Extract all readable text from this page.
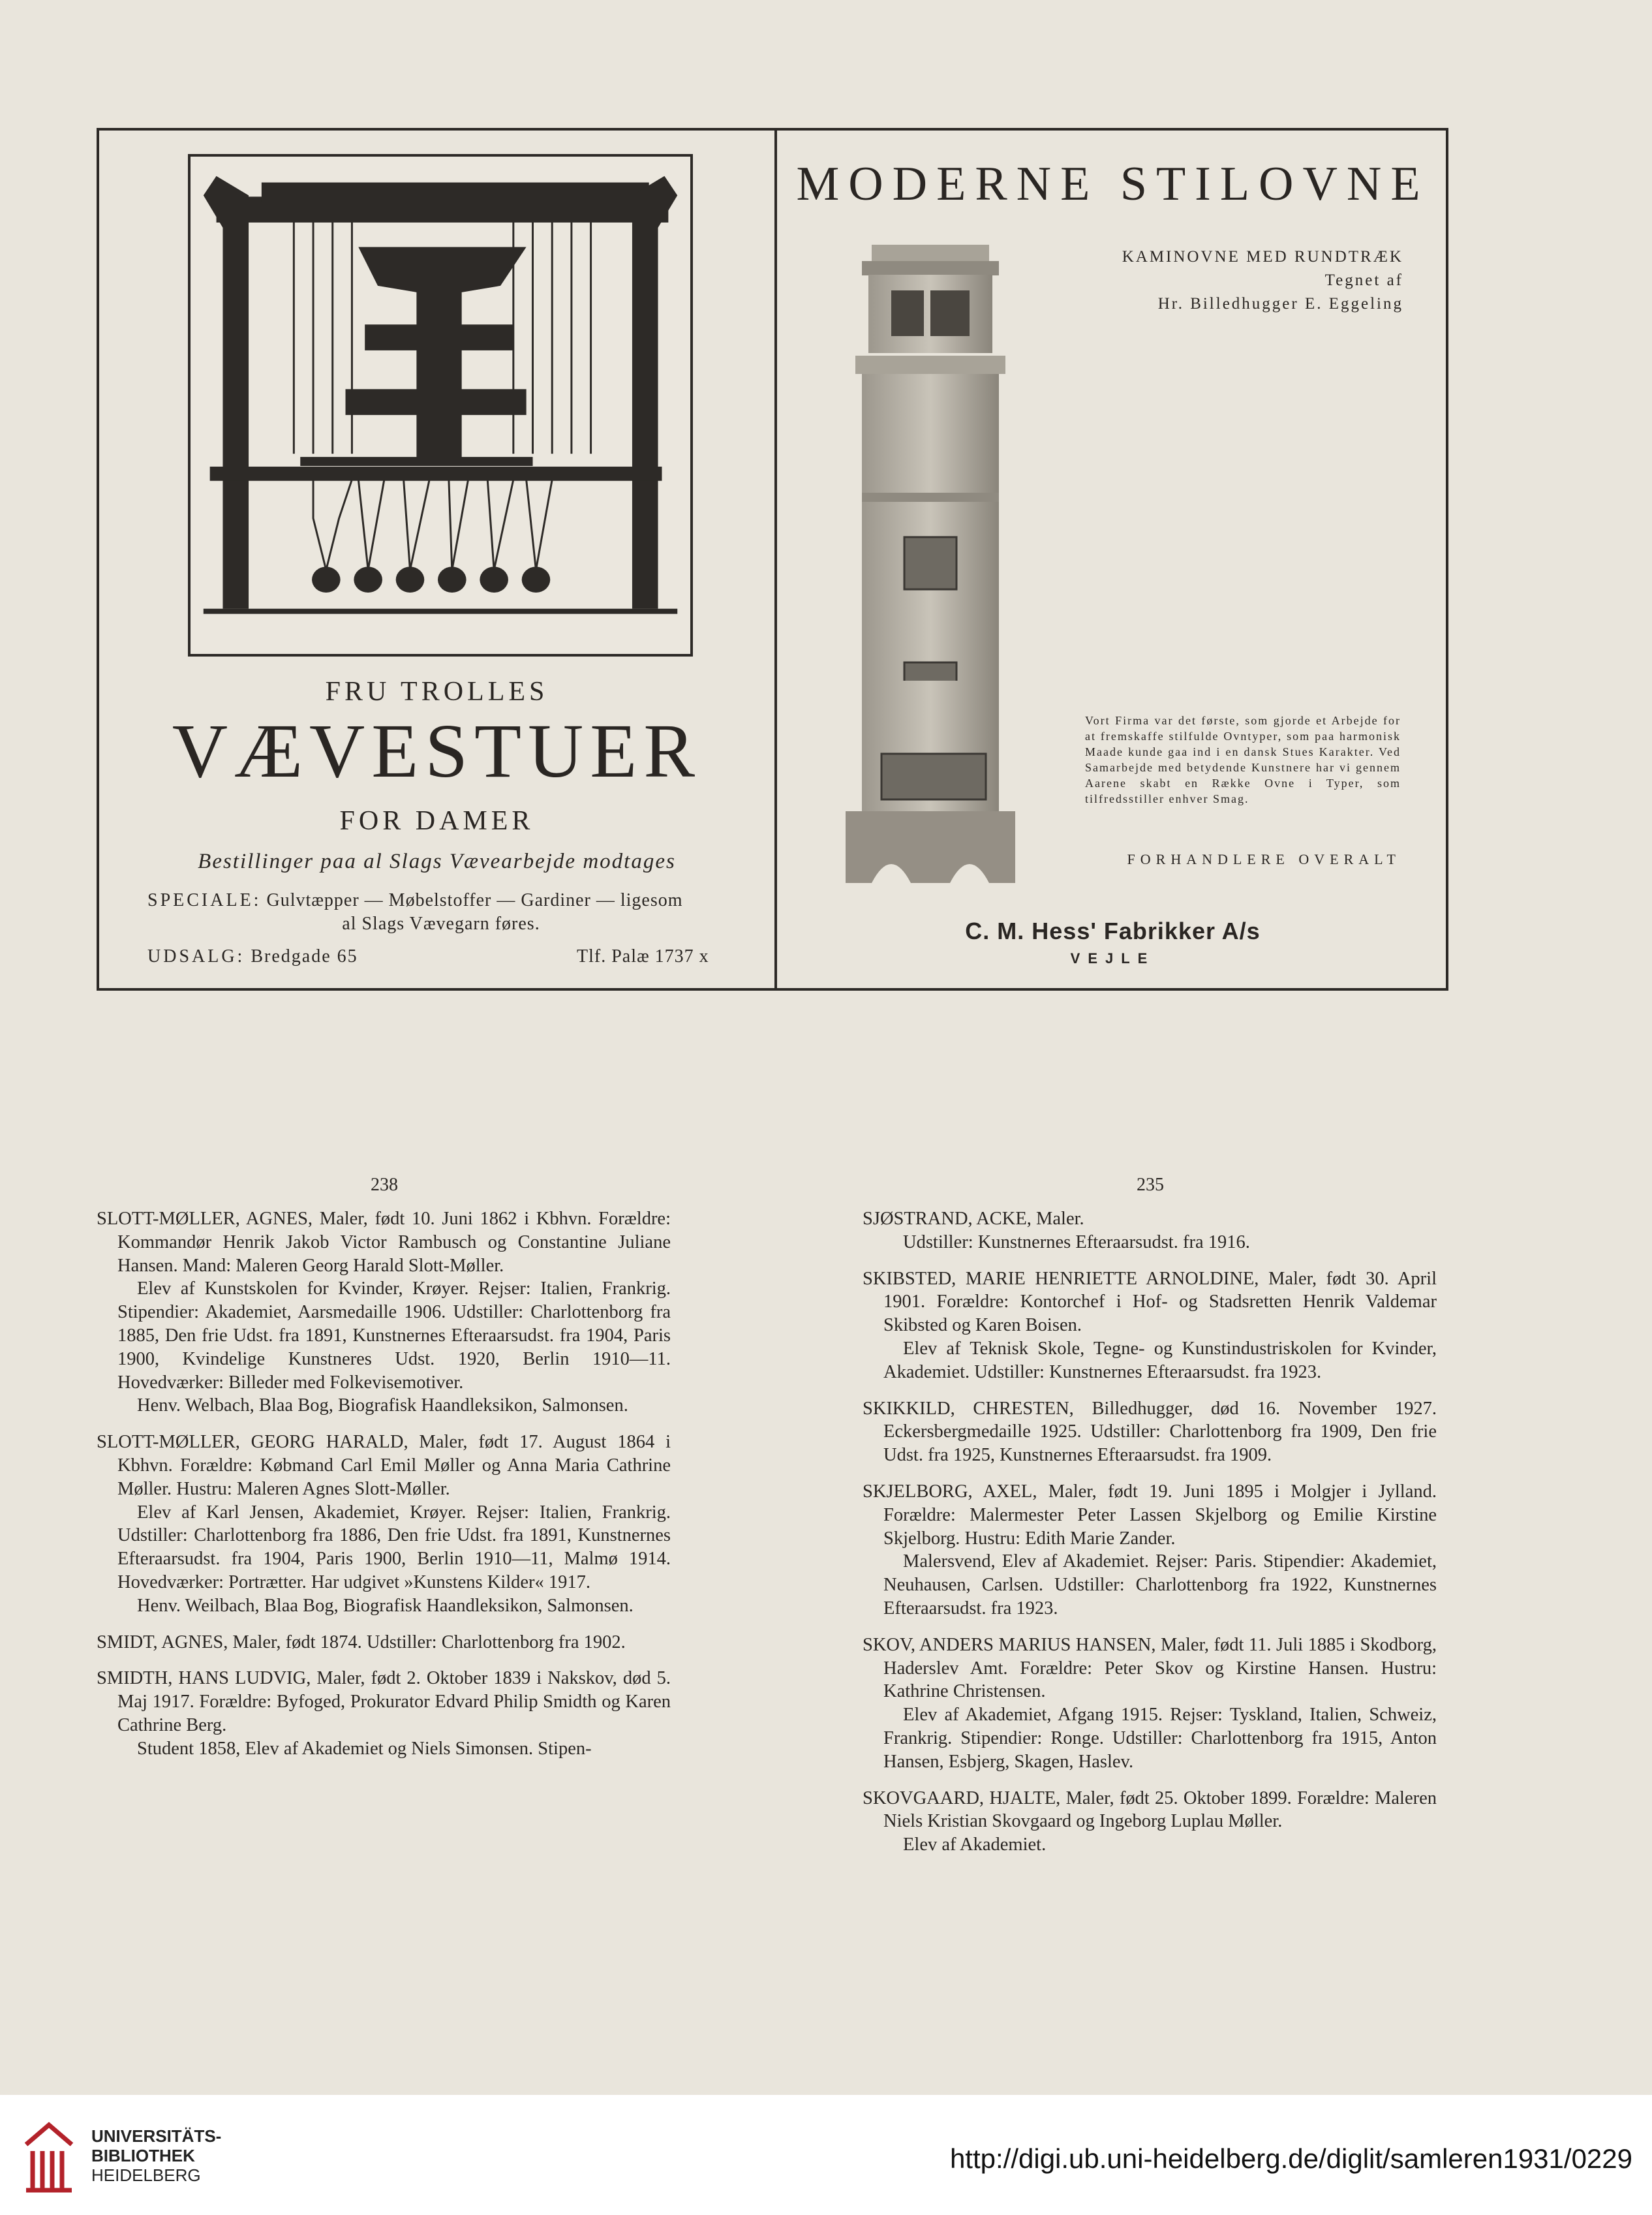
FRU TROLLES
VÆVESTUER
FOR DAMER
Bestillinger paa al Slags Vævearbejde modtages
SPECIALE: Gulvtæpper — Møbelstoffer — Gardiner — ligesom
al Slags Vævegarn føres.
UDSALG: Bredgade 65	Tlf. Palæ 1737 x
MODERNE STILOVNE
KAMINOVNE MED RUNDTRÆK
Tegnet af
Hr. Billedhugger E. Eggeling
Vort Firma var det første, som gjorde et Arbejde for at fremskaffe stilfulde Ovntyper, som paa harmonisk Maade kunde gaa ind i en dansk Stues Karakter. Ved Samarbejde med betydende Kunstnere har vi gennem Aarene skabt en Række Ovne i Typer, som tilfredsstiller enhver Smag.
FORHANDLERE OVERALT
C. M. Hess' Fabrikker A/s
VEJLE
238	235

SLOTT-MØLLER, AGNES, Maler, født 10. Juni 1862 i Kbhvn. Forældre: Kommandør Henrik Jakob Victor Rambusch og Constantine Juliane Hansen. Mand: Maleren Georg Harald Slott-Møller.

Elev af Kunstskolen for Kvinder, Krøyer. Rejser: Italien, Frankrig. Stipendier: Akademiet, Aarsmedaille 1906. Udstiller: Charlottenborg fra 1885, Den frie Udst. fra 1891, Kunstnernes Efteraarsudst. fra 1904, Paris 1900, Kvindelige Kunstneres Udst. 1920, Berlin 1910—11. Hovedværker: Billeder med Folkevisemotiver.

Henv. Welbach, Blaa Bog, Biografisk Haandleksikon, Salmonsen.

SLOTT-MØLLER, GEORG HARALD, Maler, født 17. August 1864 i Kbhvn. Forældre: Købmand Carl Emil Møller og Anna Maria Cathrine Møller. Hustru: Maleren Agnes Slott-Møller.

Elev af Karl Jensen, Akademiet, Krøyer. Rejser: Italien, Frankrig. Udstiller: Charlottenborg fra 1886, Den frie Udst. fra 1891, Kunstnernes Efteraarsudst. fra 1904, Paris 1900, Berlin 1910—11, Malmø 1914. Hovedværker: Portrætter. Har udgivet »Kunstens Kilder« 1917.

Henv. Weilbach, Blaa Bog, Biografisk Haandleksikon, Salmonsen.

SMIDT, AGNES, Maler, født 1874. Udstiller: Charlottenborg fra 1902.

SMIDTH, HANS LUDVIG, Maler, født 2. Oktober 1839 i Nakskov, død 5. Maj 1917. Forældre: Byfoged, Prokurator Edvard Philip Smidth og Karen Cathrine Berg.

Student 1858, Elev af Akademiet og Niels Simonsen. Stipen-

SJØSTRAND, ACKE, Maler.

Udstiller: Kunstnernes Efteraarsudst. fra 1916.

SKIBSTED, MARIE HENRIETTE ARNOLDINE, Maler, født 30. April 1901. Forældre: Kontorchef i Hof- og Stadsretten Henrik Valdemar Skibsted og Karen Boisen.

Elev af Teknisk Skole, Tegne- og Kunstindustriskolen for Kvinder, Akademiet. Udstiller: Kunstnernes Efteraarsudst. fra 1923.

SKIKKILD, CHRESTEN, Billedhugger, død 16. November 1927. Eckersbergmedaille 1925. Udstiller: Charlottenborg fra 1909, Den frie Udst. fra 1925, Kunstnernes Efteraarsudst. fra 1909.

SKJELBORG, AXEL, Maler, født 19. Juni 1895 i Molgjer i Jylland. Forældre: Malermester Peter Lassen Skjelborg og Emilie Kirstine Skjelborg. Hustru: Edith Marie Zander.

Malersvend, Elev af Akademiet. Rejser: Paris. Stipendier: Akademiet, Neuhausen, Carlsen. Udstiller: Charlottenborg fra 1922, Kunstnernes Efteraarsudst. fra 1923.

SKOV, ANDERS MARIUS HANSEN, Maler, født 11. Juli 1885 i Skodborg, Haderslev Amt. Forældre: Peter Skov og Kirstine Hansen. Hustru: Kathrine Christensen.

Elev af Akademiet, Afgang 1915. Rejser: Tyskland, Italien, Schweiz, Frankrig. Stipendier: Ronge. Udstiller: Charlottenborg fra 1915, Anton Hansen, Esbjerg, Skagen, Haslev.

SKOVGAARD, HJALTE, Maler, født 25. Oktober 1899. Forældre: Maleren Niels Kristian Skovgaard og Ingeborg Luplau Møller.

Elev af Akademiet.

UNIVERSITÄTS-
BIBLIOTHEK
HEIDELBERG
http://digi.ub.uni-heidelberg.de/diglit/samleren1931/0229
